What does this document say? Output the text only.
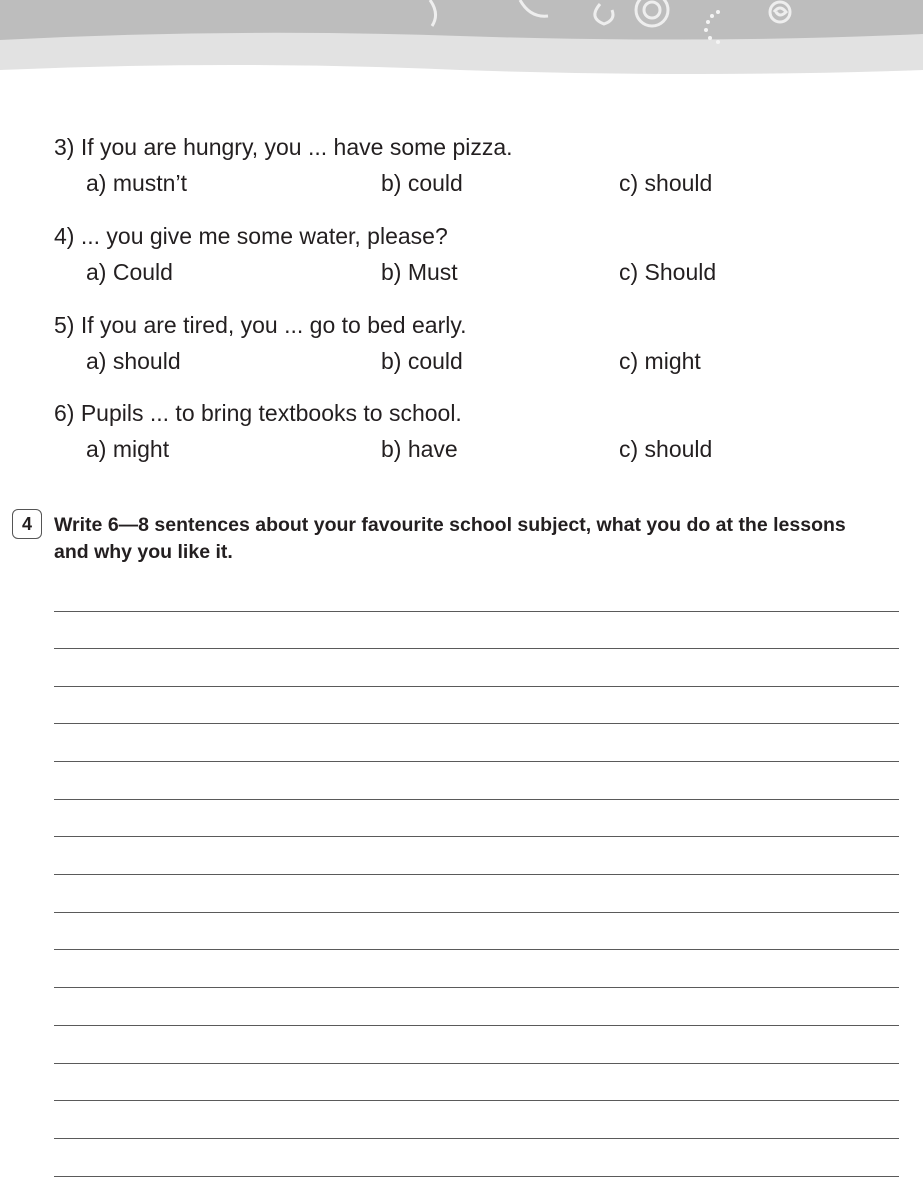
3) If you are hungry, you ... have some pizza.
a) mustn’t	b) could	c) should
4) ... you give me some water, please?
a) Could	b) Must	c) Should
5) If you are tired, you ... go to bed early.
a) should	b) could	c) might
6) Pupils ... to bring textbooks to school.
a) might	b) have	c) should
4	Write 6—8 sentences about your favourite school subject, what you do at the lessons and why you like it.
